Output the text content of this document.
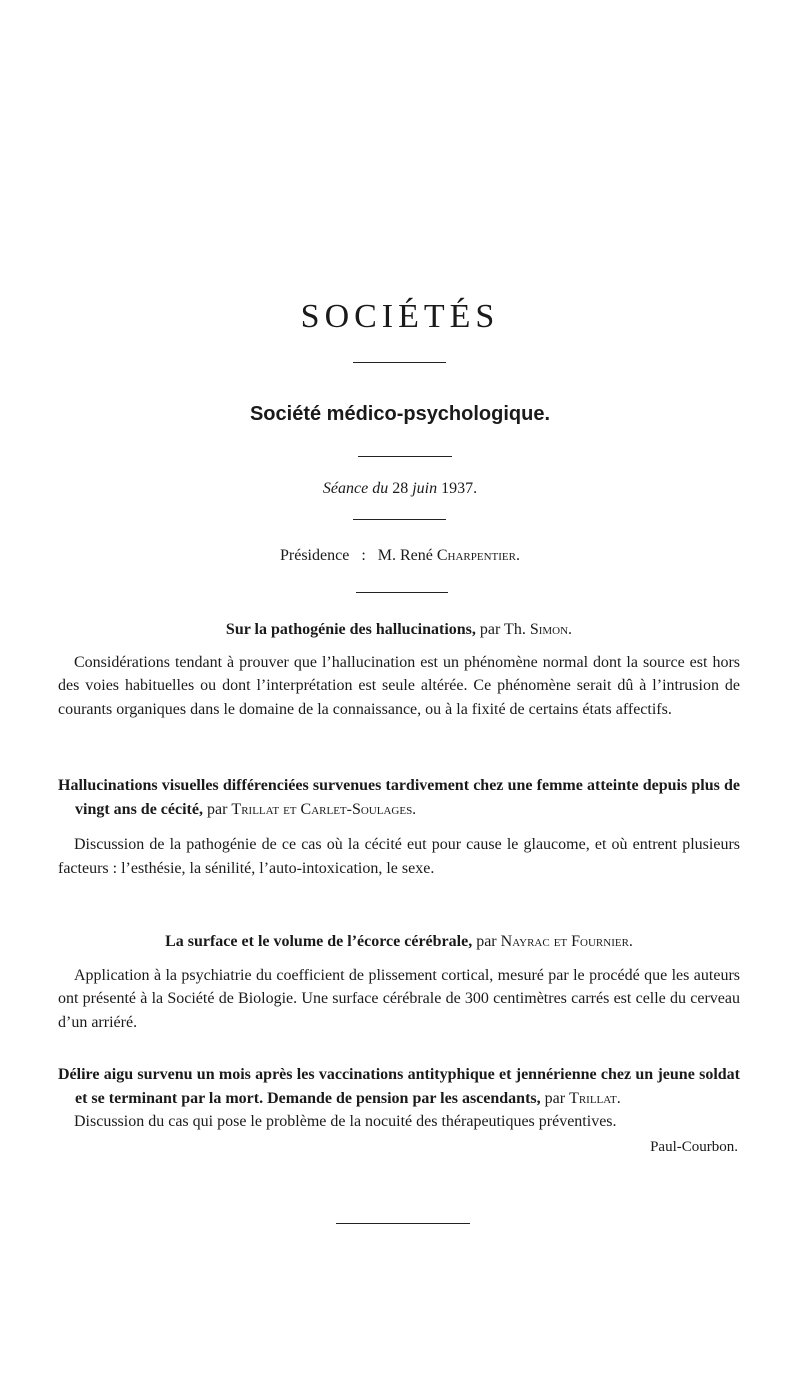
SOCIÉTÉS
Société médico-psychologique.
Séance du 28 juin 1937.
Présidence : M. René Charpentier.
Sur la pathogénie des hallucinations, par Th. Simon.

Considérations tendant à prouver que l’hallucination est un phénomène normal dont la source est hors des voies habituelles ou dont l’interprétation est seule altérée. Ce phénomène serait dû à l’intrusion de courants organiques dans le domaine de la connaissance, ou à la fixité de certains états affectifs.

Hallucinations visuelles différenciées survenues tardivement chez une femme atteinte depuis plus de vingt ans de cécité, par Trillat et Carlet-Soulages.

Discussion de la pathogénie de ce cas où la cécité eut pour cause le glaucome, et où entrent plusieurs facteurs : l’esthésie, la sénilité, l’auto-intoxication, le sexe.

La surface et le volume de l’écorce cérébrale, par Nayrac et Fournier.

Application à la psychiatrie du coefficient de plissement cortical, mesuré par le procédé que les auteurs ont présenté à la Société de Biologie. Une surface cérébrale de 300 centimètres carrés est celle du cerveau d’un arriéré.

Délire aigu survenu un mois après les vaccinations antityphique et jennérienne chez un jeune soldat et se terminant par la mort. Demande de pension par les ascendants, par Trillat.

Discussion du cas qui pose le problème de la nocuité des thérapeutiques préventives.

Paul-Courbon.
